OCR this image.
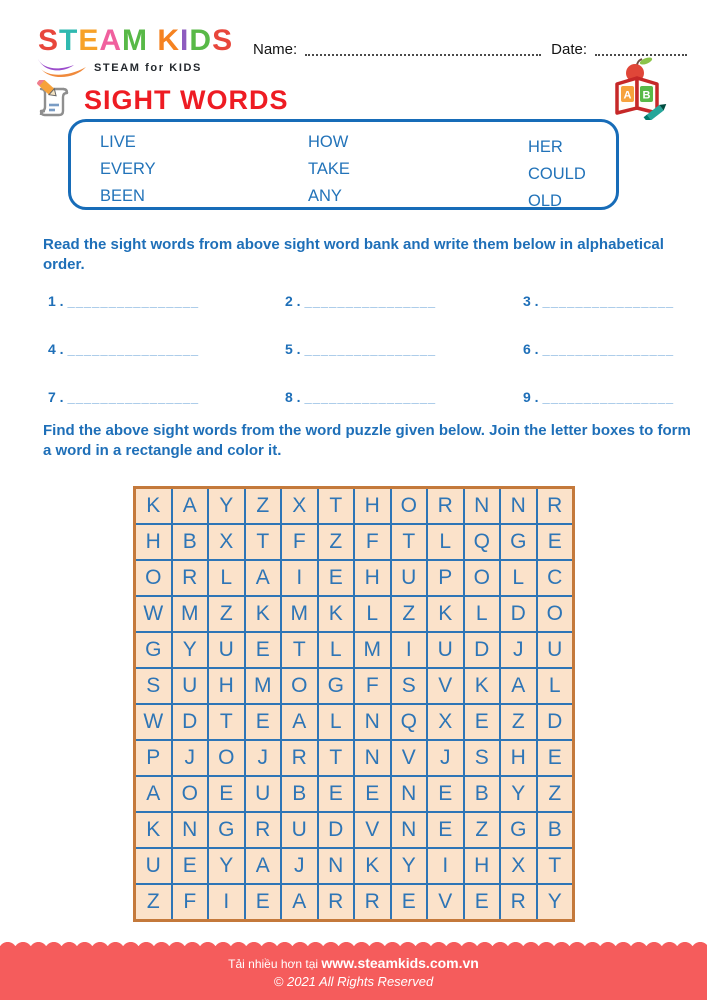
STEAM KIDS
STEAM for KIDS
Name:	Date:
A B
SIGHT WORDS
LIVE
EVERY
BEEN
HOW
TAKE
ANY
HER
COULD
OLD
Read the sight words from above sight word bank and write them below in alphabetical order.
1 . ________________	2 . ________________	3 . ________________
4 . ________________	5 . ________________	6 . ________________
7 . ________________	8 . ________________	9 . ________________
Find the above sight words from the word puzzle given below. Join the letter boxes to form a word in a rectangle and color it.
K	A	Y	Z	X	T	H	O	R	N	N	R
H	B	X	T	F	Z	F	T	L	Q	G	E
O	R	L	A	I	E	H	U	P	O	L	C
W	M	Z	K	M	K	L	Z	K	L	D	O
G	Y	U	E	T	L	M	I	U	D	J	U
S	U	H	M	O	G	F	S	V	K	A	L
W	D	T	E	A	L	N	Q	X	E	Z	D
P	J	O	J	R	T	N	V	J	S	H	E
A	O	E	U	B	E	E	N	E	B	Y	Z
K	N	G	R	U	D	V	N	E	Z	G	B
U	E	Y	A	J	N	K	Y	I	H	X	T
Z	F	I	E	A	R	R	E	V	E	R	Y
Tải nhiều hơn tại www.steamkids.com.vn
© 2021 All Rights Reserved
